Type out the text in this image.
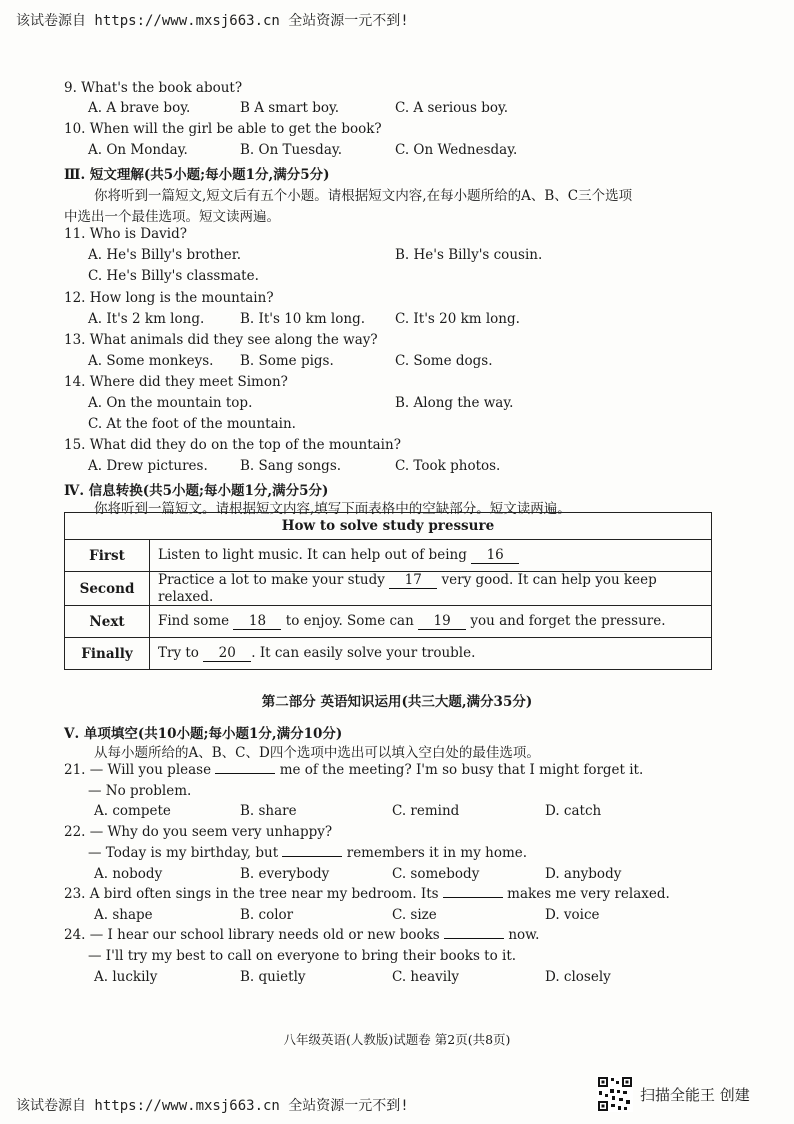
该试卷源自 https://www.mxsj663.cn 全站资源一元不到!
9. What's the book about?
A. A brave boy.	B A smart boy.	C. A serious boy.
10. When will the girl be able to get the book?
A. On Monday.	B. On Tuesday.	C. On Wednesday.
Ⅲ. 短文理解(共5小题;每小题1分,满分5分)
你将听到一篇短文,短文后有五个小题。请根据短文内容,在每小题所给的A、B、C三个选项
中选出一个最佳选项。短文读两遍。
11. Who is David?
A. He's Billy's brother.	B. He's Billy's cousin.
C. He's Billy's classmate.
12. How long is the mountain?
A. It's 2 km long.	B. It's 10 km long. C. It's 20 km long.
13. What animals did they see along the way?
A. Some monkeys. B. Some pigs.	C. Some dogs.
14. Where did they meet Simon?
A. On the mountain top.	B. Along the way.
C. At the foot of the mountain.
15. What did they do on the top of the mountain?
A. Drew pictures. B. Sang songs.	C. Took photos.
Ⅳ. 信息转换(共5小题;每小题1分,满分5分)
你将听到一篇短文。请根据短文内容,填写下面表格中的空缺部分。短文读两遍。
How to solve study pressure	
First	Listen to light music. It can help out of being 16
Second	Practice a lot to make your study 17 very good. It can help you keep relaxed.
Next	Find some 18 to enjoy. Some can 19 you and forget the pressure.
Finally	Try to 20 . It can easily solve your trouble.
第二部分 英语知识运用(共三大题,满分35分)
Ⅴ. 单项填空(共10小题;每小题1分,满分10分)
从每小题所给的A、B、C、D四个选项中选出可以填入空白处的最佳选项。
21. — Will you please	me of the meeting? I'm so busy that I might forget it.
— No problem.
A. compete	B. share	C. remind	D. catch
22. — Why do you seem very unhappy?
— Today is my birthday, but	remembers it in my home.
A. nobody	B. everybody	C. somebody	D. anybody
23. A bird often sings in the tree near my bedroom. Its	makes me very relaxed.
A. shape	B. color	C. size	D. voice
24. — I hear our school library needs old or new books	now.
— I'll try my best to call on everyone to bring their books to it.
A. luckily	B. quietly	C. heavily	D. closely
八年级英语(人教版)试题卷 第2页(共8页)
该试卷源自 https://www.mxsj663.cn 全站资源一元不到!
扫描全能王 创建
